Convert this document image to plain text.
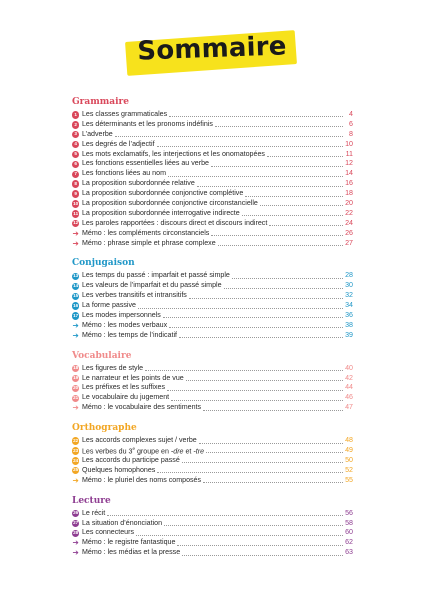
Sommaire
Grammaire
1 Les classes grammaticales	4
2 Les déterminants et les pronoms indéfinis	6
3 L’adverbe	8
4 Les degrés de l’adjectif	10
5 Les mots exclamatifs, les interjections et les onomatopées	11
6 Les fonctions essentielles liées au verbe	12
7 Les fonctions liées au nom	14
8 La proposition subordonnée relative	16
9 La proposition subordonnée conjonctive complétive	18
10 La proposition subordonnée conjonctive circonstancielle	20
11 La proposition subordonnée interrogative indirecte	22
12 Les paroles rapportées : discours direct et discours indirect	24
➔ Mémo : les compléments circonstanciels	26
➔ Mémo : phrase simple et phrase complexe	27
Conjugaison
13 Les temps du passé : imparfait et passé simple	28
14 Les valeurs de l’imparfait et du passé simple	30
15 Les verbes transitifs et intransitifs	32
16 La forme passive	34
17 Les modes impersonnels	36
➔ Mémo : les modes verbaux	38
➔ Mémo : les temps de l’indicatif	39
Vocabulaire
18 Les figures de style	40
19 Le narrateur et les points de vue	42
20 Les préfixes et les suffixes	44
21 Le vocabulaire du jugement	46
➔ Mémo : le vocabulaire des sentiments	47
Orthographe
22 Les accords complexes sujet / verbe	48
23 Les verbes du 3e groupe en -dre et -tre	49
24 Les accords du participe passé	50
25 Quelques homophones	52
➔ Mémo : le pluriel des noms composés	55
Lecture
26 Le récit	56
27 La situation d’énonciation	58
28 Les connecteurs	60
➔ Mémo : le registre fantastique	62
➔ Mémo : les médias et la presse	63
